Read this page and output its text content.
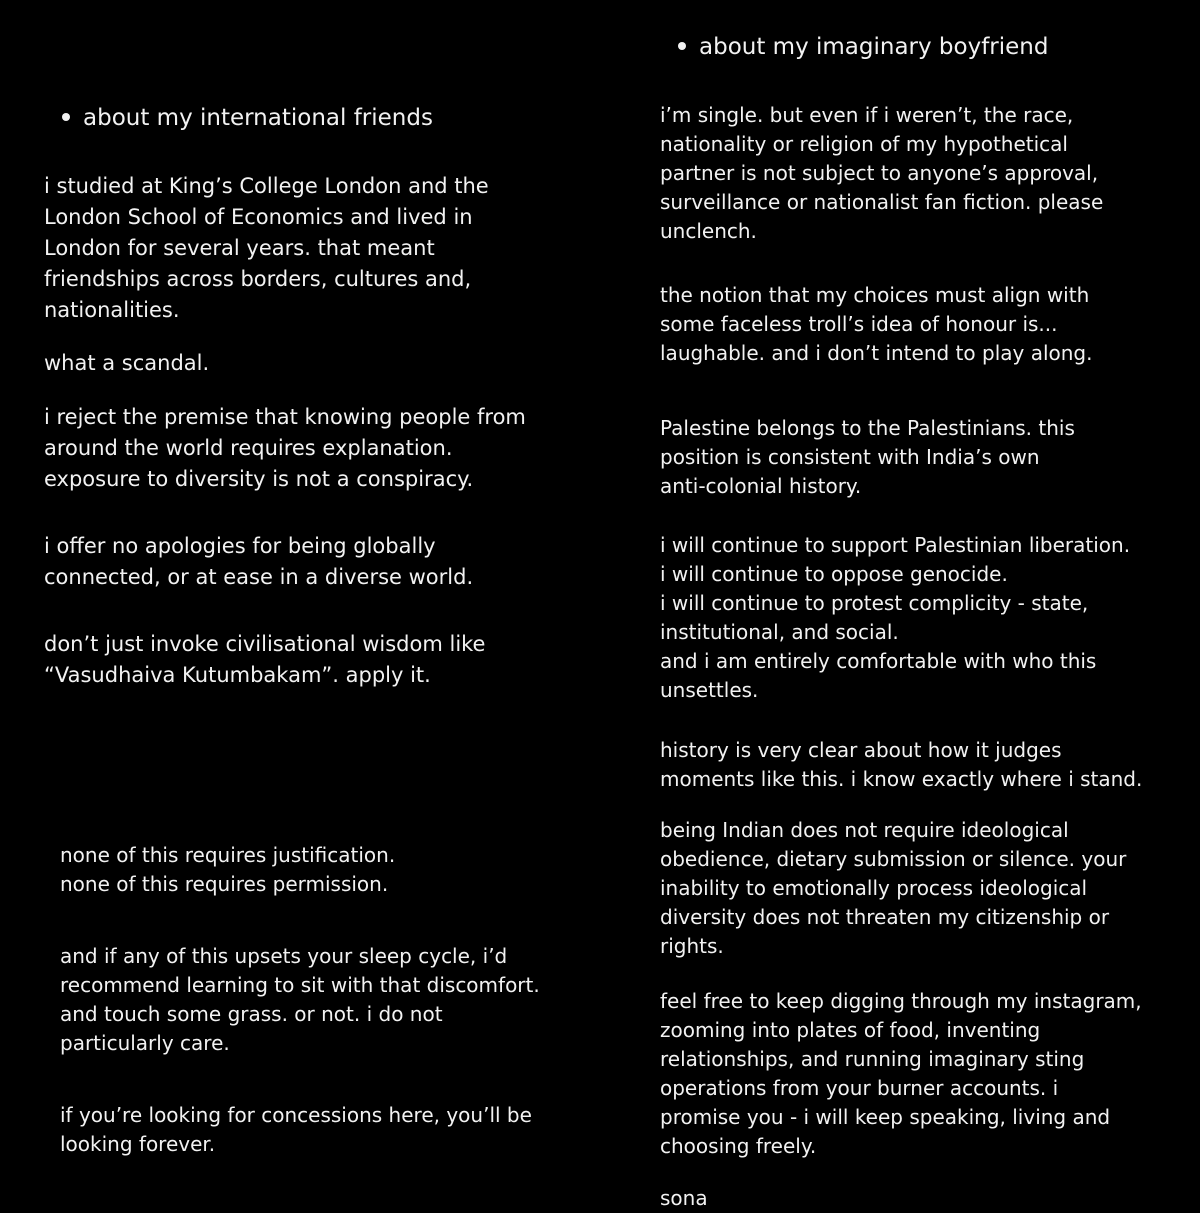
about my international friends

i studied at King’s College London and the
London School of Economics and lived in
London for several years. that meant
friendships across borders, cultures and,
nationalities.

what a scandal.

i reject the premise that knowing people from
around the world requires explanation.
exposure to diversity is not a conspiracy.

i offer no apologies for being globally
connected, or at ease in a diverse world.

don’t just invoke civilisational wisdom like
“Vasudhaiva Kutumbakam”. apply it.

none of this requires justification.
none of this requires permission.

and if any of this upsets your sleep cycle, i’d
recommend learning to sit with that discomfort.
and touch some grass. or not. i do not
particularly care.

if you’re looking for concessions here, you’ll be
looking forever.

about my imaginary boyfriend

i’m single. but even if i weren’t, the race,
nationality or religion of my hypothetical
partner is not subject to anyone’s approval,
surveillance or nationalist fan fiction. please
unclench.

the notion that my choices must align with
some faceless troll’s idea of honour is...
laughable. and i don’t intend to play along.

Palestine belongs to the Palestinians. this
position is consistent with India’s own
anti-colonial history.

i will continue to support Palestinian liberation.
i will continue to oppose genocide.
i will continue to protest complicity - state,
institutional, and social.
and i am entirely comfortable with who this
unsettles.

history is very clear about how it judges
moments like this. i know exactly where i stand.

being Indian does not require ideological
obedience, dietary submission or silence. your
inability to emotionally process ideological
diversity does not threaten my citizenship or
rights.

feel free to keep digging through my instagram,
zooming into plates of food, inventing
relationships, and running imaginary sting
operations from your burner accounts. i
promise you - i will keep speaking, living and
choosing freely.

sona
